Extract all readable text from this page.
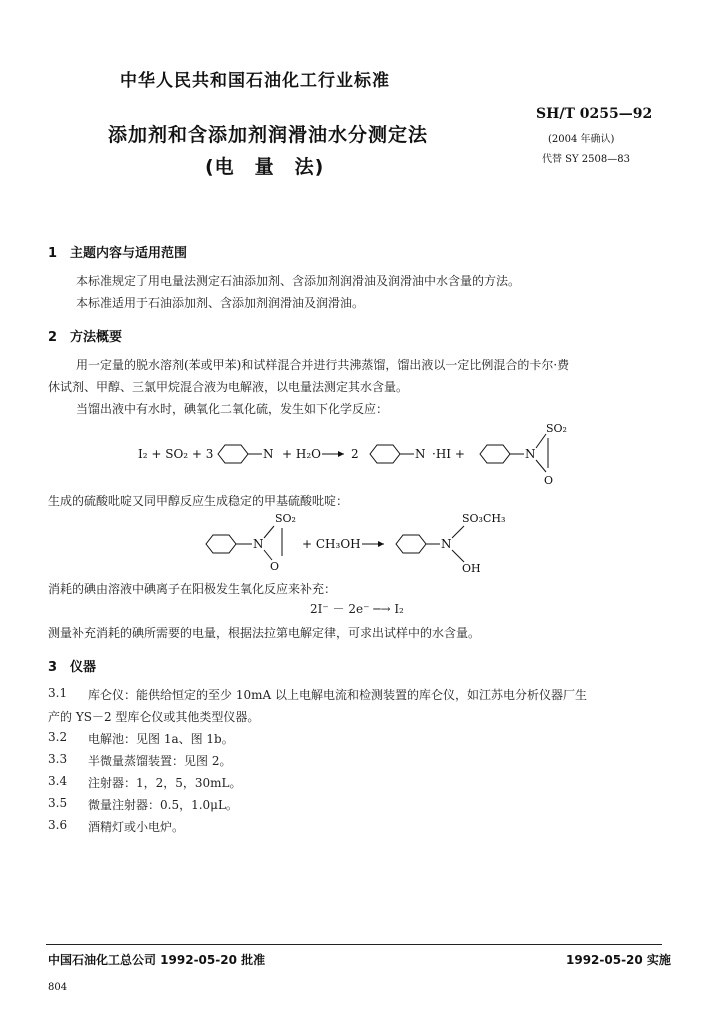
中华人民共和国石油化工行业标准
添加剂和含添加剂润滑油水分测定法
(电　量　法)
SH/T 0255—92
(2004 年确认)
代替 SY 2508—83
1　主题内容与适用范围
本标准规定了用电量法测定石油添加剂、含添加剂润滑油及润滑油中水含量的方法。
本标准适用于石油添加剂、含添加剂润滑油及润滑油。
2　方法概要
用一定量的脱水溶剂(苯或甲苯)和试样混合并进行共沸蒸馏，馏出液以一定比例混合的卡尔·费
休试剂、甲醇、三氯甲烷混合液为电解液，以电量法测定其水含量。
当馏出液中有水时，碘氧化二氧化硫，发生如下化学反应：
I₂ + SO₂ + 3	N + H₂O	2	N ·HI +	N
SO₂
O
生成的硫酸吡啶又同甲醇反应生成稳定的甲基硫酸吡啶：
SO₂
N
O
+ CH₃OH	N
SO₃CH₃
OH
消耗的碘由溶液中碘离子在阳极发生氧化反应来补充：
2I⁻ － 2e⁻ ─→ I₂
测量补充消耗的碘所需要的电量，根据法拉第电解定律，可求出试样中的水含量。
3　仪器
3.1 库仑仪：能供给恒定的至少 10mA 以上电解电流和检测装置的库仑仪，如江苏电分析仪器厂生
产的 YS－2 型库仑仪或其他类型仪器。
3.2 电解池：见图 1a、图 1b。
3.3 半微量蒸馏装置：见图 2。
3.4 注射器：1，2，5，30mL。
3.5 微量注射器：0.5，1.0μL。
3.6 酒精灯或小电炉。
中国石油化工总公司 1992-05-20 批准	1992-05-20 实施
804
